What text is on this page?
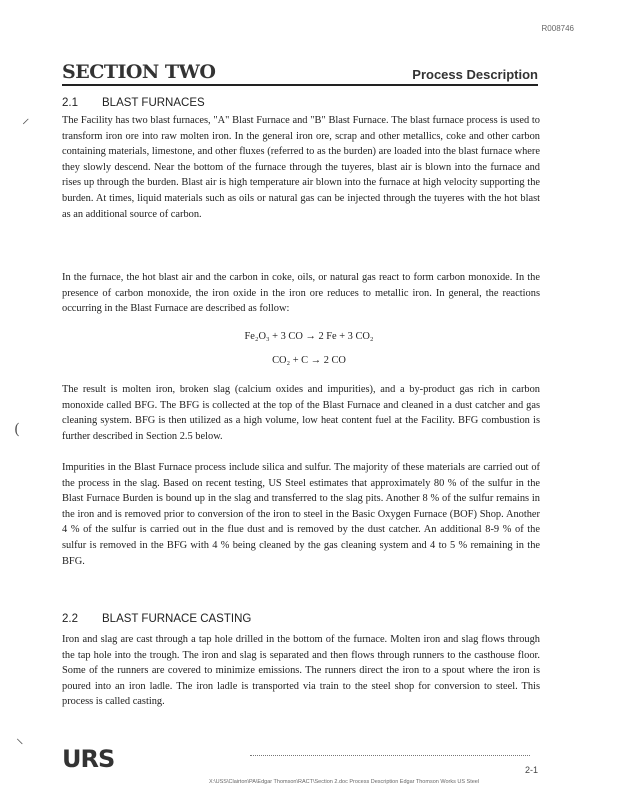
R008746
SECTION TWO	Process Description
⸝
(
⸜
2.1 BLAST FURNACES

The Facility has two blast furnaces, "A" Blast Furnace and "B" Blast Furnace. The blast furnace process is used to transform iron ore into raw molten iron. In the general iron ore, scrap and other metallics, coke and other carbon containing materials, limestone, and other fluxes (referred to as the burden) are loaded into the blast furnace where they slowly descend. Near the bottom of the furnace through the tuyeres, blast air is blown into the furnace and rises up through the burden. Blast air is high temperature air blown into the furnace at high velocity supporting the burden. At times, liquid materials such as oils or natural gas can be injected through the tuyeres with the hot blast as an additional source of carbon.

In the furnace, the hot blast air and the carbon in coke, oils, or natural gas react to form carbon monoxide. In the presence of carbon monoxide, the iron oxide in the iron ore reduces to metallic iron. In general, the reactions occurring in the Blast Furnace are described as follow:

Fe₂O₃ + 3 CO → 2 Fe + 3 CO₂
CO₂ + C → 2 CO

The result is molten iron, broken slag (calcium oxides and impurities), and a by-product gas rich in carbon monoxide called BFG. The BFG is collected at the top of the Blast Furnace and cleaned in a dust catcher and gas cleaning system. BFG is then utilized as a high volume, low heat content fuel at the Facility. BFG combustion is further described in Section 2.5 below.

Impurities in the Blast Furnace process include silica and sulfur. The majority of these materials are carried out of the process in the slag. Based on recent testing, US Steel estimates that approximately 80 % of the sulfur in the Blast Furnace Burden is bound up in the slag and transferred to the slag pits. Another 8 % of the sulfur remains in the iron and is removed prior to conversion of the iron to steel in the Basic Oxygen Furnace (BOF) Shop. Another 4 % of the sulfur is carried out in the flue dust and is removed by the dust catcher. An additional 8-9 % of the sulfur is removed in the BFG with 4 % being cleaned by the gas cleaning system and 4 to 5 % remaining in the BFG.

2.2 BLAST FURNACE CASTING

Iron and slag are cast through a tap hole drilled in the bottom of the furnace. Molten iron and slag flows through the tap hole into the trough. The iron and slag is separated and then flows through runners to the casthouse floor. Some of the runners are covered to minimize emissions. The runners direct the iron to a spout where the iron is poured into an iron ladle. The iron ladle is transported via train to the steel shop for conversion to steel. This process is called casting.

URS	2-1
X:\USS\Clairton\PA\Edgar Thomson\RACT\Section 2.doc Process Description Edgar Thomson Works US Steel
